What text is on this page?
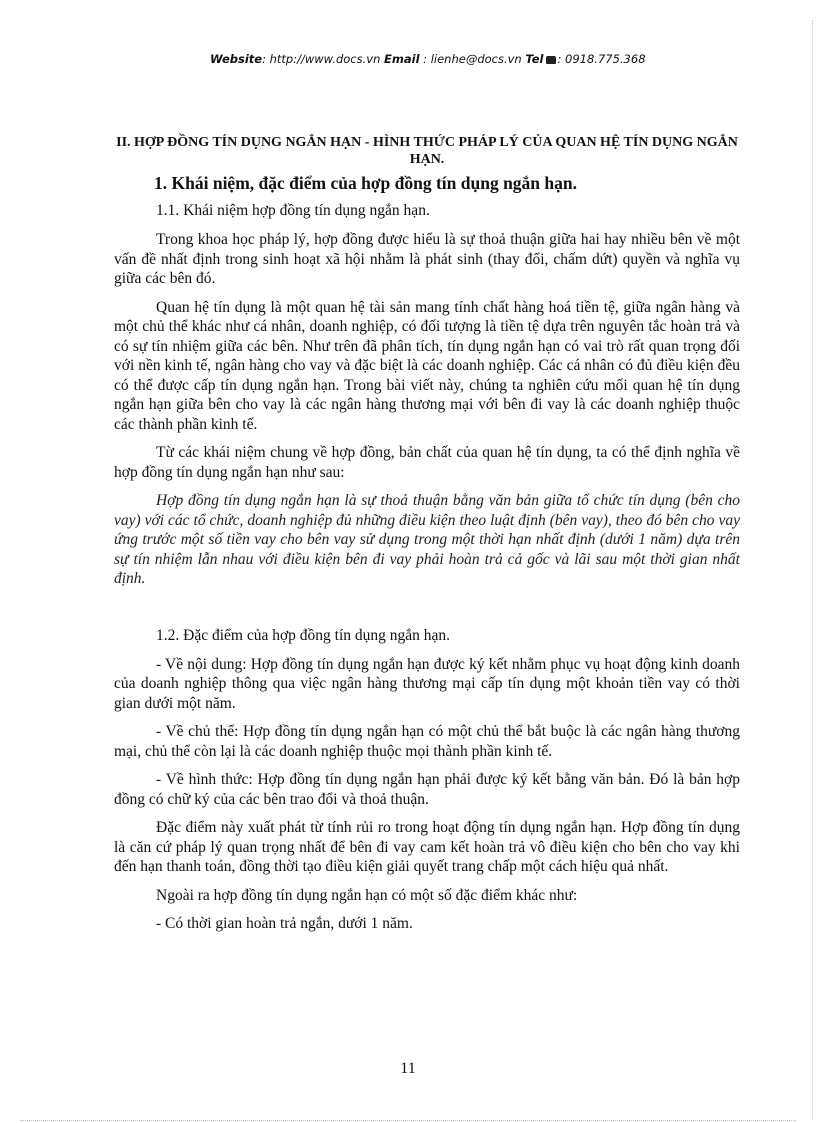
Website: http://www.docs.vn Email : lienhe@docs.vn Tel : 0918.775.368
II. HỢP ĐỒNG TÍN DỤNG NGẮN HẠN - HÌNH THỨC PHÁP LÝ CỦA QUAN HỆ TÍN DỤNG NGẮN HẠN.
1. Khái niệm, đặc điểm của hợp đồng tín dụng ngắn hạn.
1.1. Khái niệm hợp đồng tín dụng ngắn hạn.

Trong khoa học pháp lý, hợp đồng được hiểu là sự thoả thuận giữa hai hay nhiều bên về một vấn đề nhất định trong sinh hoạt xã hội nhằm là phát sinh (thay đổi, chấm dứt) quyền và nghĩa vụ giữa các bên đó.

Quan hệ tín dụng là một quan hệ tài sản mang tính chất hàng hoá tiền tệ, giữa ngân hàng và một chủ thể khác như cá nhân, doanh nghiệp, có đối tượng là tiền tệ dựa trên nguyên tắc hoàn trả và có sự tín nhiệm giữa các bên. Như trên đã phân tích, tín dụng ngắn hạn có vai trò rất quan trọng đối với nền kinh tế, ngân hàng cho vay và đặc biệt là các doanh nghiệp. Các cá nhân có đủ điều kiện đều có thể được cấp tín dụng ngắn hạn. Trong bài viết này, chúng ta nghiên cứu mối quan hệ tín dụng ngắn hạn giữa bên cho vay là các ngân hàng thương mại với bên đi vay là các doanh nghiệp thuộc các thành phần kinh tế.

Từ các khái niệm chung về hợp đồng, bản chất của quan hệ tín dụng, ta có thể định nghĩa về hợp đồng tín dụng ngắn hạn như sau:

Hợp đồng tín dụng ngắn hạn là sự thoả thuận bằng văn bản giữa tổ chức tín dụng (bên cho vay) với các tổ chức, doanh nghiệp đủ những điều kiện theo luật định (bên vay), theo đó bên cho vay ứng trước một số tiền vay cho bên vay sử dụng trong một thời hạn nhất định (dưới 1 năm) dựa trên sự tín nhiệm lẫn nhau với điều kiện bên đi vay phải hoàn trả cả gốc và lãi sau một thời gian nhất định.

1.2. Đặc điểm của hợp đồng tín dụng ngắn hạn.

- Về nội dung: Hợp đồng tín dụng ngắn hạn được ký kết nhằm phục vụ hoạt động kinh doanh của doanh nghiệp thông qua việc ngân hàng thương mại cấp tín dụng một khoản tiền vay có thời gian dưới một năm.

- Về chủ thể: Hợp đồng tín dụng ngắn hạn có một chủ thể bắt buộc là các ngân hàng thương mại, chủ thể còn lại là các doanh nghiệp thuộc mọi thành phần kinh tế.

- Về hình thức: Hợp đồng tín dụng ngắn hạn phải được ký kết bằng văn bản. Đó là bản hợp đồng có chữ ký của các bên trao đổi và thoả thuận.

Đặc điểm này xuất phát từ tính rủi ro trong hoạt động tín dụng ngắn hạn. Hợp đồng tín dụng là căn cứ pháp lý quan trọng nhất để bên đi vay cam kết hoàn trả vô điều kiện cho bên cho vay khi đến hạn thanh toán, đồng thời tạo điều kiện giải quyết trang chấp một cách hiệu quả nhất.

Ngoài ra hợp đồng tín dụng ngắn hạn có một số đặc điểm khác như:

- Có thời gian hoàn trả ngắn, dưới 1 năm.

11
